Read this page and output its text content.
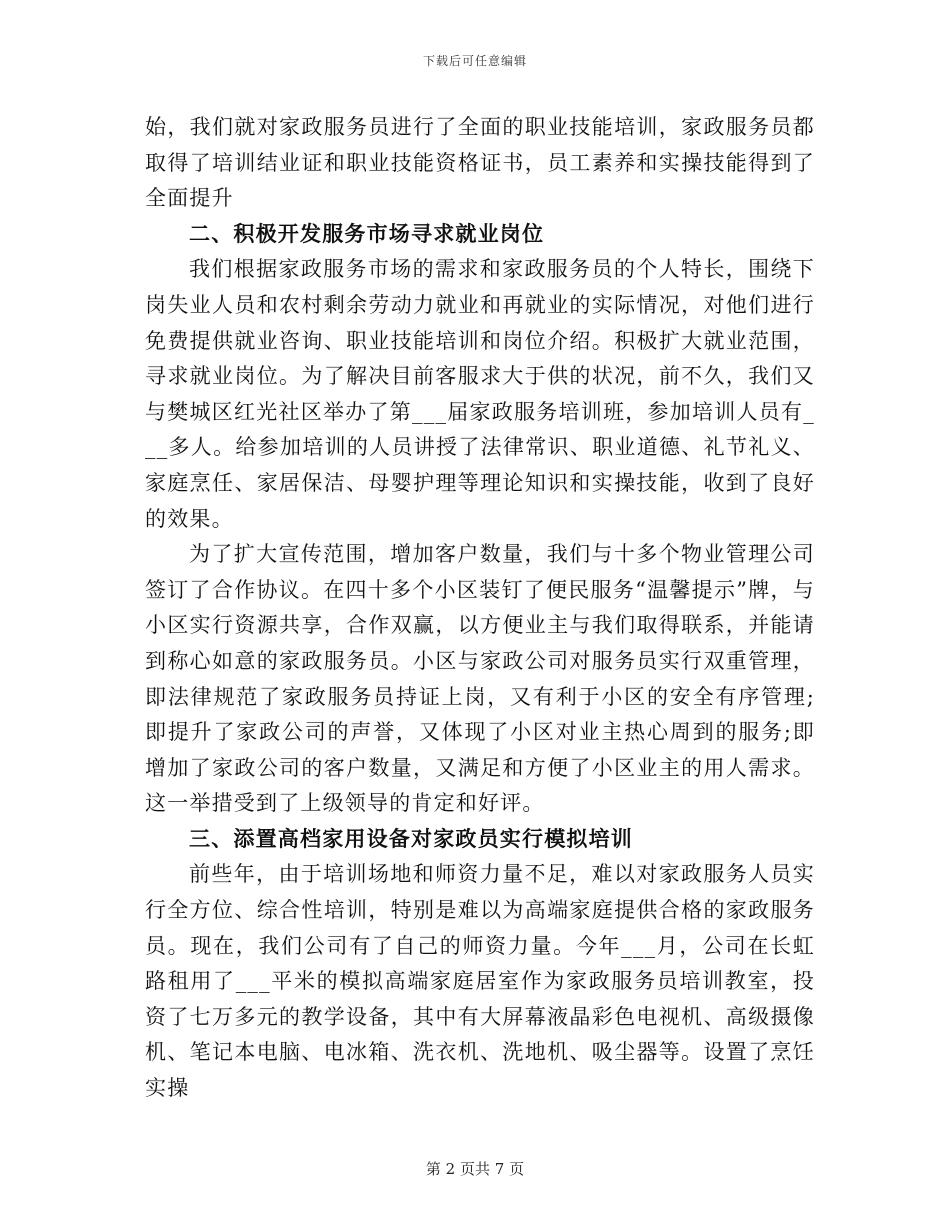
下载后可任意编辑

始，我们就对家政服务员进行了全面的职业技能培训，家政服务员都取得了培训结业证和职业技能资格证书，员工素养和实操技能得到了全面提升

二、积极开发服务市场寻求就业岗位

我们根据家政服务市场的需求和家政服务员的个人特长，围绕下岗失业人员和农村剩余劳动力就业和再就业的实际情况，对他们进行免费提供就业咨询、职业技能培训和岗位介绍。积极扩大就业范围，寻求就业岗位。为了解决目前客服求大于供的状况，前不久，我们又与樊城区红光社区举办了第___届家政服务培训班，参加培训人员有___多人。给参加培训的人员讲授了法律常识、职业道德、礼节礼义、家庭烹任、家居保洁、母婴护理等理论知识和实操技能，收到了良好的效果。

为了扩大宣传范围，增加客户数量，我们与十多个物业管理公司签订了合作协议。在四十多个小区装钉了便民服务“温馨提示”牌，与小区实行资源共享，合作双赢，以方便业主与我们取得联系，并能请到称心如意的家政服务员。小区与家政公司对服务员实行双重管理，即法律规范了家政服务员持证上岗，又有利于小区的安全有序管理;即提升了家政公司的声誉，又体现了小区对业主热心周到的服务;即增加了家政公司的客户数量，又满足和方便了小区业主的用人需求。这一举措受到了上级领导的肯定和好评。

三、添置高档家用设备对家政员实行模拟培训

前些年，由于培训场地和师资力量不足，难以对家政服务人员实行全方位、综合性培训，特别是难以为高端家庭提供合格的家政服务员。现在，我们公司有了自己的师资力量。今年___月，公司在长虹路租用了___平米的模拟高端家庭居室作为家政服务员培训教室，投资了七万多元的教学设备，其中有大屏幕液晶彩色电视机、高级摄像机、笔记本电脑、电冰箱、洗衣机、洗地机、吸尘器等。设置了烹饪实操

第 2 页共 7 页
